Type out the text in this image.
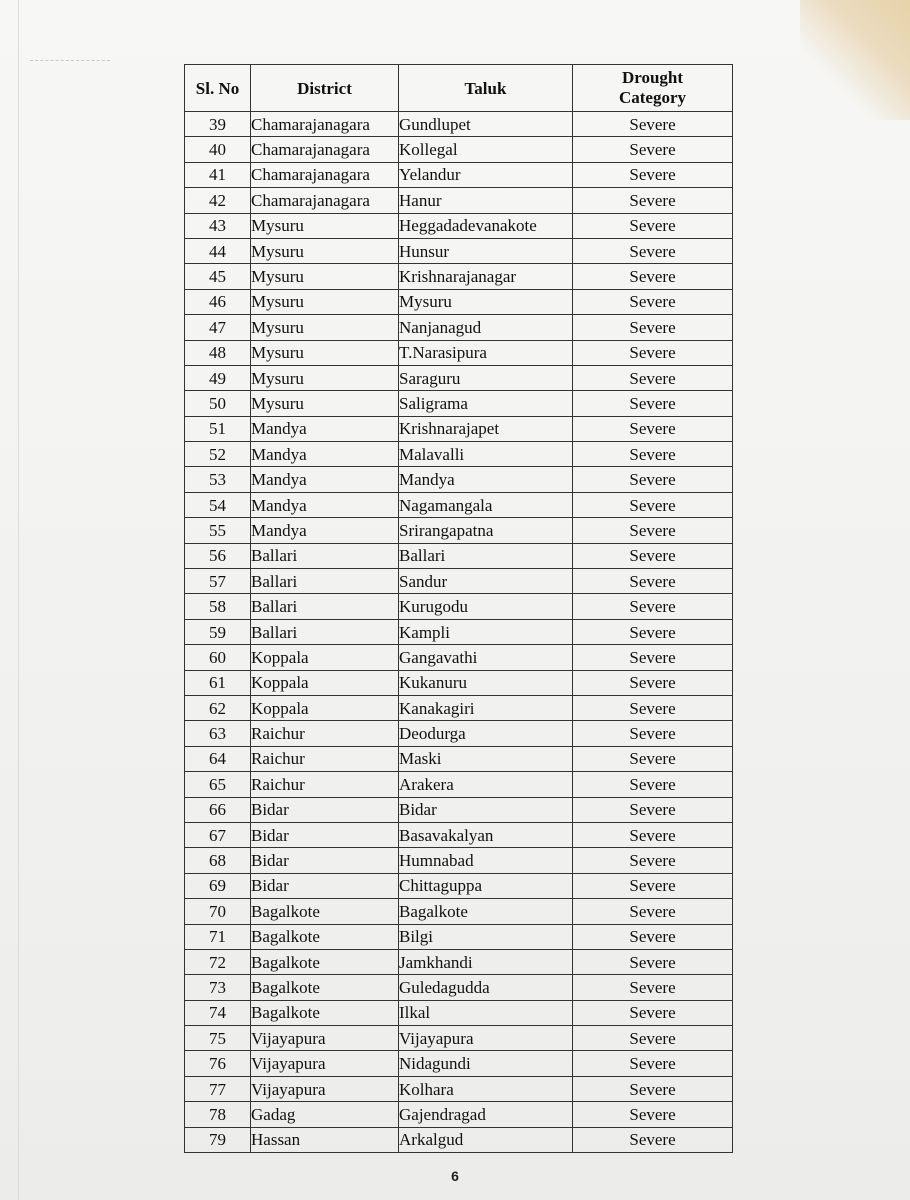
Sl. No	District	Taluk	Drought
Category

39	Chamarajanagara	Gundlupet	Severe
40	Chamarajanagara	Kollegal	Severe
41	Chamarajanagara	Yelandur	Severe
42	Chamarajanagara	Hanur	Severe
43	Mysuru	Heggadadevanakote	Severe
44	Mysuru	Hunsur	Severe
45	Mysuru	Krishnarajanagar	Severe
46	Mysuru	Mysuru	Severe
47	Mysuru	Nanjanagud	Severe
48	Mysuru	T.Narasipura	Severe
49	Mysuru	Saraguru	Severe
50	Mysuru	Saligrama	Severe
51	Mandya	Krishnarajapet	Severe
52	Mandya	Malavalli	Severe
53	Mandya	Mandya	Severe
54	Mandya	Nagamangala	Severe
55	Mandya	Srirangapatna	Severe
56	Ballari	Ballari	Severe
57	Ballari	Sandur	Severe
58	Ballari	Kurugodu	Severe
59	Ballari	Kampli	Severe
60	Koppala	Gangavathi	Severe
61	Koppala	Kukanuru	Severe
62	Koppala	Kanakagiri	Severe
63	Raichur	Deodurga	Severe
64	Raichur	Maski	Severe
65	Raichur	Arakera	Severe
66	Bidar	Bidar	Severe
67	Bidar	Basavakalyan	Severe
68	Bidar	Humnabad	Severe
69	Bidar	Chittaguppa	Severe
70	Bagalkote	Bagalkote	Severe
71	Bagalkote	Bilgi	Severe
72	Bagalkote	Jamkhandi	Severe
73	Bagalkote	Guledagudda	Severe
74	Bagalkote	Ilkal	Severe
75	Vijayapura	Vijayapura	Severe
76	Vijayapura	Nidagundi	Severe
77	Vijayapura	Kolhara	Severe
78	Gadag	Gajendragad	Severe
79	Hassan	Arkalgud	Severe
6
